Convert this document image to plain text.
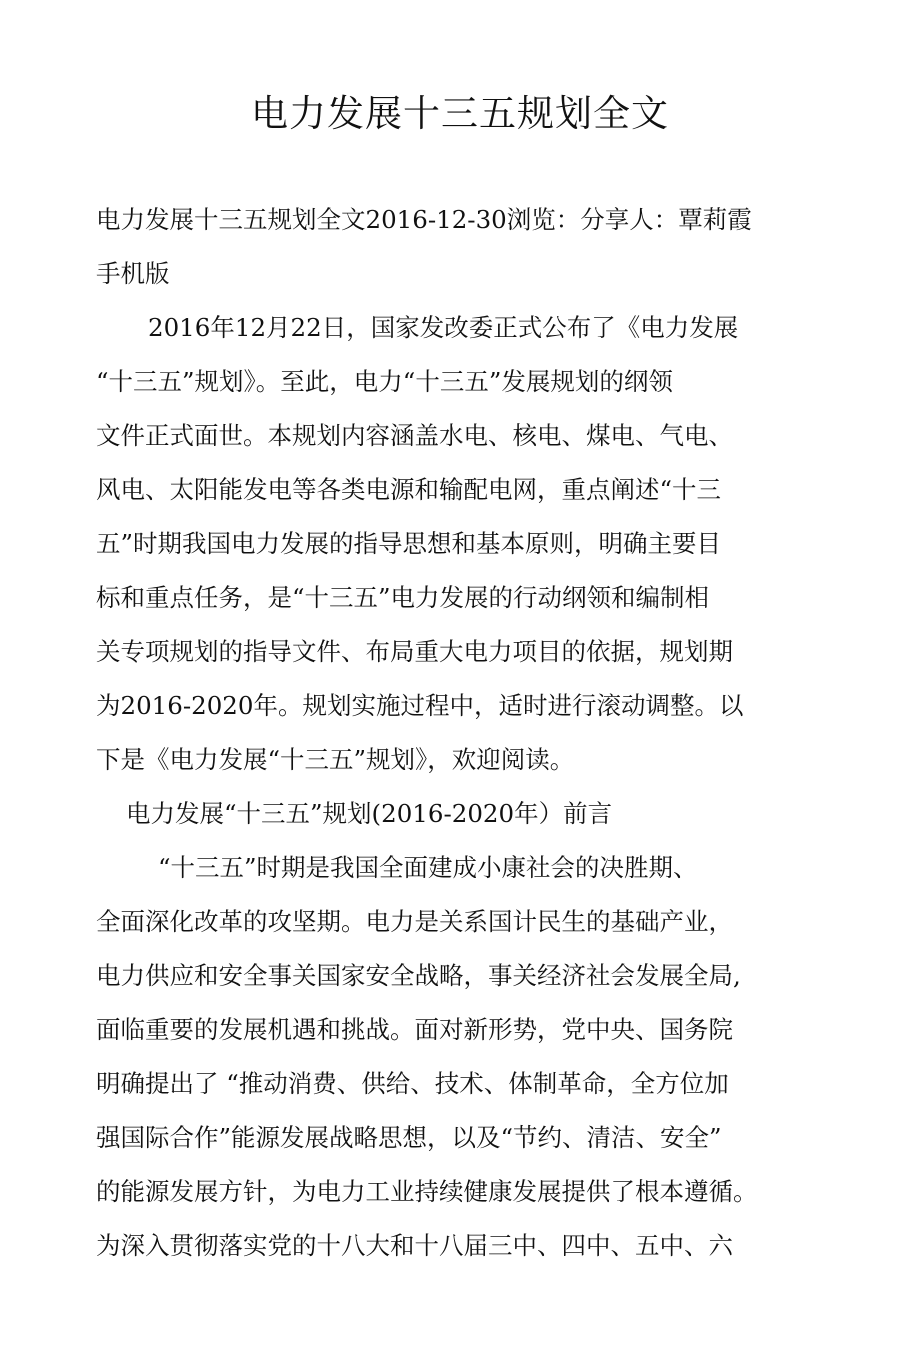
电力发展十三五规划全文

电力发展十三五规划全文2016-12-30浏览：分享人：覃莉霞

手机版

2016年12月22日，国家发改委正式公布了《电力发展

“十三五”规划》。至此，电力“十三五”发展规划的纲领

文件正式面世。本规划内容涵盖水电、核电、煤电、气电、

风电、太阳能发电等各类电源和输配电网，重点阐述“十三

五”时期我国电力发展的指导思想和基本原则，明确主要目

标和重点任务，是“十三五”电力发展的行动纲领和编制相

关专项规划的指导文件、布局重大电力项目的依据，规划期

为2016-2020年。规划实施过程中，适时进行滚动调整。以

下是《电力发展“十三五”规划》，欢迎阅读。

电力发展“十三五”规划(2016-2020年）前言

“十三五”时期是我国全面建成小康社会的决胜期、

全面深化改革的攻坚期。电力是关系国计民生的基础产业，

电力供应和安全事关国家安全战略，事关经济社会发展全局,

面临重要的发展机遇和挑战。面对新形势，党中央、国务院

明确提出了 “推动消费、供给、技术、体制革命，全方位加

强国际合作”能源发展战略思想，以及“节约、清洁、安全”

的能源发展方针，为电力工业持续健康发展提供了根本遵循。

为深入贯彻落实党的十八大和十八届三中、四中、五中、六
